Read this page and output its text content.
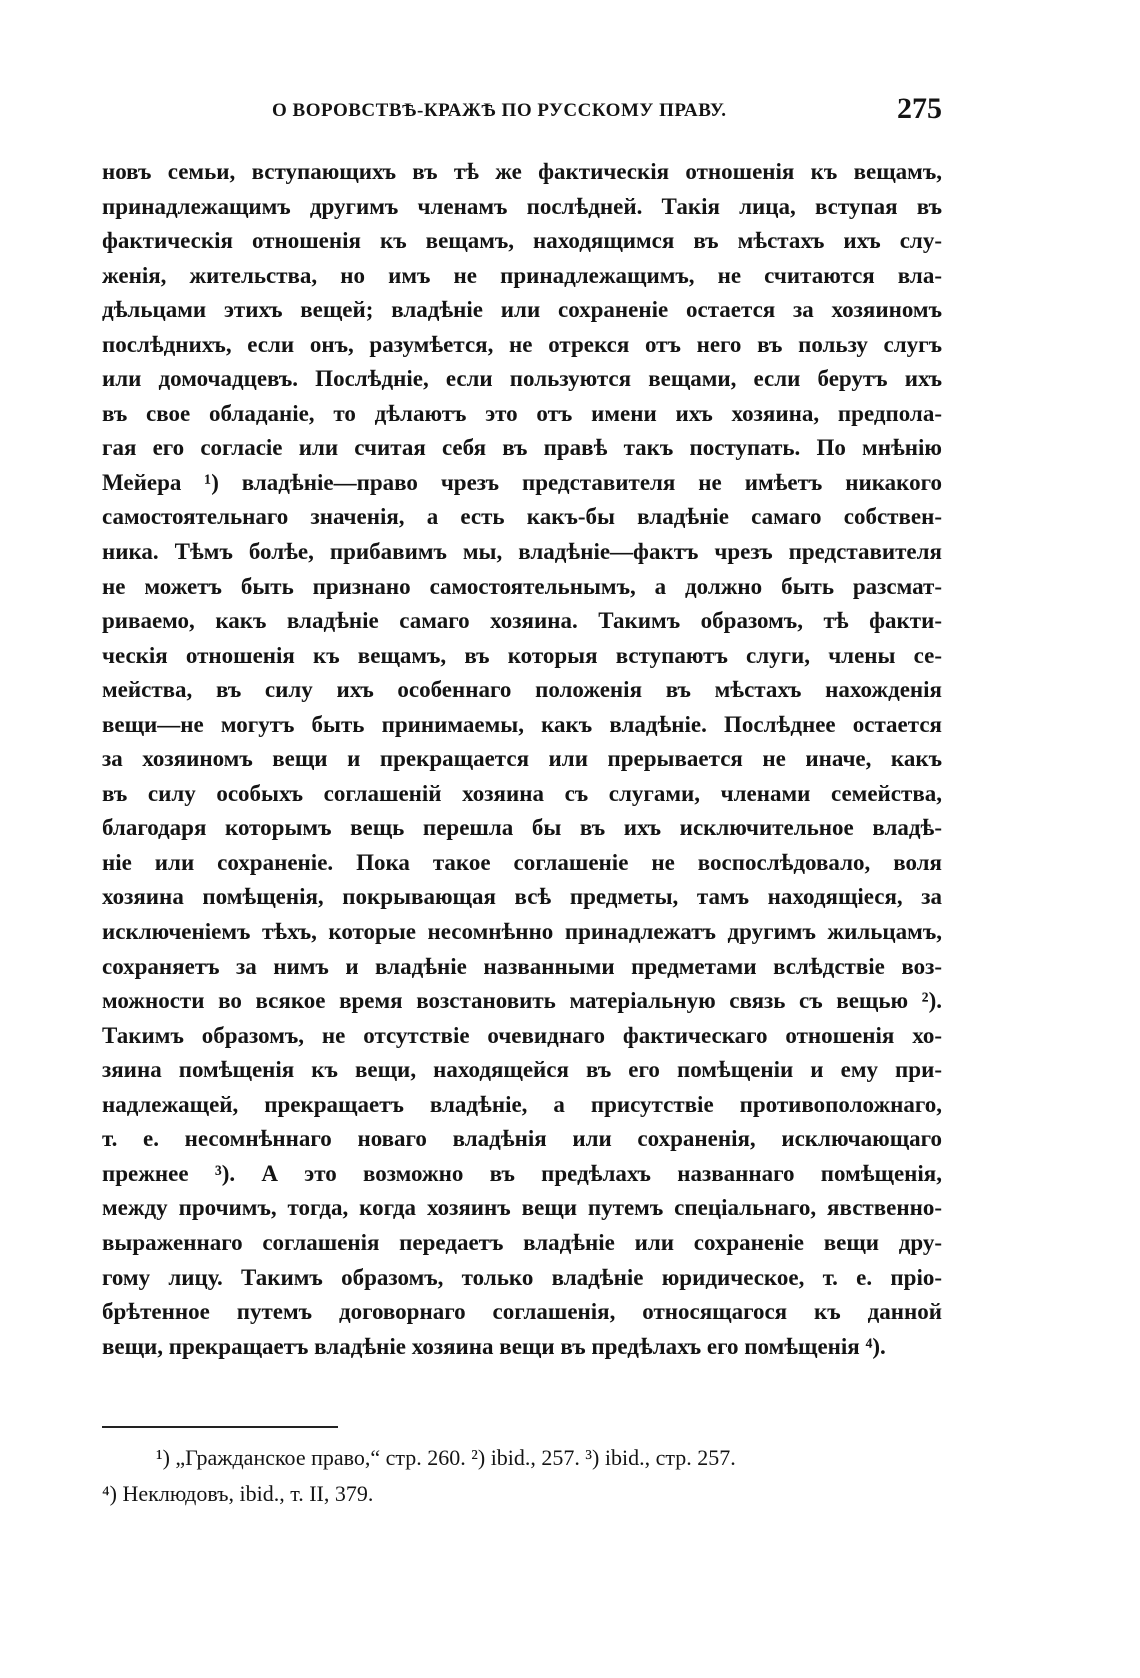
О ВОРОВСТВѢ-КРАЖѢ ПО РУССКОМУ ПРАВУ.	275
новъ семьи, вступающихъ въ тѣ же фактическія отношенія къ вещамъ,
принадлежащимъ другимъ членамъ послѣдней. Такія лица, вступая въ
фактическія отношенія къ вещамъ, находящимся въ мѣстахъ ихъ слу-
женія, жительства, но имъ не принадлежащимъ, не считаются вла-
дѣльцами этихъ вещей; владѣніе или сохраненіе остается за хозяиномъ
послѣднихъ, если онъ, разумѣется, не отрекся отъ него въ пользу слугъ
или домочадцевъ. Послѣдніе, если пользуются вещами, если берутъ ихъ
въ свое обладаніе, то дѣлаютъ это отъ имени ихъ хозяина, предпола-
гая его согласіе или считая себя въ правѣ такъ поступать. По мнѣнію
Мейера ¹) владѣніе—право чрезъ представителя не имѣетъ никакого
самостоятельнаго значенія, а есть какъ-бы владѣніе самаго собствен-
ника. Тѣмъ болѣе, прибавимъ мы, владѣніе—фактъ чрезъ представителя
не можетъ быть признано самостоятельнымъ, а должно быть разсмат-
риваемо, какъ владѣніе самаго хозяина. Такимъ образомъ, тѣ факти-
ческія отношенія къ вещамъ, въ которыя вступаютъ слуги, члены се-
мейства, въ силу ихъ особеннаго положенія въ мѣстахъ нахожденія
вещи—не могутъ быть принимаемы, какъ владѣніе. Послѣднее остается
за хозяиномъ вещи и прекращается или прерывается не иначе, какъ
въ силу особыхъ соглашеній хозяина съ слугами, членами семейства,
благодаря которымъ вещь перешла бы въ ихъ исключительное владѣ-
ніе или сохраненіе. Пока такое соглашеніе не воспослѣдовало, воля
хозяина помѣщенія, покрывающая всѣ предметы, тамъ находящіеся, за
исключеніемъ тѣхъ, которые несомнѣнно принадлежатъ другимъ жильцамъ,
сохраняетъ за нимъ и владѣніе названными предметами вслѣдствіе воз-
можности во всякое время возстановить матеріальную связь съ вещью ²).
Такимъ образомъ, не отсутствіе очевиднаго фактическаго отношенія хо-
зяина помѣщенія къ вещи, находящейся въ его помѣщеніи и ему при-
надлежащей, прекращаетъ владѣніе, а присутствіе противоположнаго,
т. е. несомнѣннаго новаго владѣнія или сохраненія, исключающаго
прежнее ³). А это возможно въ предѣлахъ названнаго помѣщенія,
между прочимъ, тогда, когда хозяинъ вещи путемъ спеціальнаго, явственно-
выраженнаго соглашенія передаетъ владѣніе или сохраненіе вещи дру-
гому лицу. Такимъ образомъ, только владѣніе юридическое, т. е. пріо-
брѣтенное путемъ договорнаго соглашенія, относящагося къ данной
вещи, прекращаетъ владѣніе хозяина вещи въ предѣлахъ его помѣщенія ⁴).
¹) „Гражданское право,“ стр. 260. ²) ibid., 257. ³) ibid., стр. 257.
⁴) Неклюдовъ, ibid., т. II, 379.
